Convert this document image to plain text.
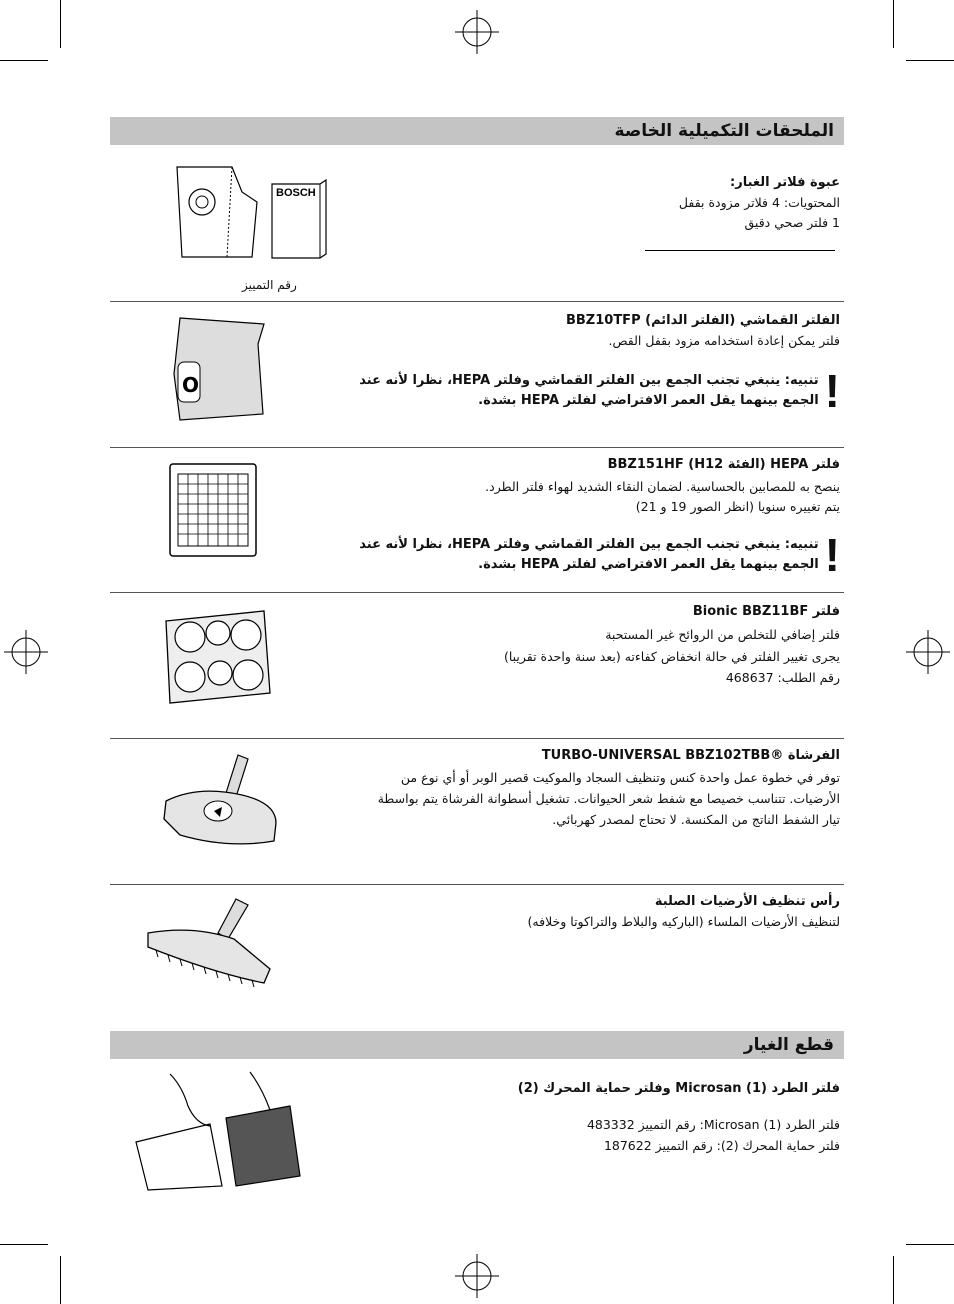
الملحقات التكميلية الخاصة
BOSCH
رقم التمييز
عبوة فلاتر الغبار:
المحتويات: 4 فلاتر مزودة بقفل
1 فلتر صحي دقيق
O
الفلتر القماشي (الفلتر الدائم) BBZ10TFP
فلتر يمكن إعادة استخدامه مزود بقفل القص.
!
تنبيه: ينبغي تجنب الجمع بين الفلتر القماشي وفلتر HEPA، نظرا لأنه عند
الجمع بينهما يقل العمر الافتراضي لفلتر HEPA بشدة.
فلتر HEPA (الفئة H12) BBZ151HF
ينصح به للمصابين بالحساسية. لضمان النقاء الشديد لهواء فلتر الطرد.
يتم تغييره سنويا (انظر الصور 19 و 21)
!
تنبيه: ينبغي تجنب الجمع بين الفلتر القماشي وفلتر HEPA، نظرا لأنه عند
الجمع بينهما يقل العمر الافتراضي لفلتر HEPA بشدة.
فلتر Bionic BBZ11BF
فلتر إضافي للتخلص من الروائح غير المستحبة
يجرى تغيير الفلتر في حالة انخفاض كفاءته (بعد سنة واحدة تقريبا)
رقم الطلب: 468637
الفرشاة ®TURBO-UNIVERSAL BBZ102TBB
توفر في خطوة عمل واحدة كنس وتنظيف السجاد والموكيت قصير الوبر أو أي نوع من
الأرضيات. تتناسب خصيصا مع شفط شعر الحيوانات. تشغيل أسطوانة الفرشاة يتم بواسطة
تيار الشفط الناتج من المكنسة. لا تحتاج لمصدر كهربائي.
رأس تنظيف الأرضيات الصلبة
لتنظيف الأرضيات الملساء (الباركيه والبلاط والتراكوتا وخلافه)
قطع الغيار
فلتر الطرد Microsan (1) وفلتر حماية المحرك (2)
فلتر الطرد Microsan (1): رقم التمييز 483332
فلتر حماية المحرك (2): رقم التمييز 187622
